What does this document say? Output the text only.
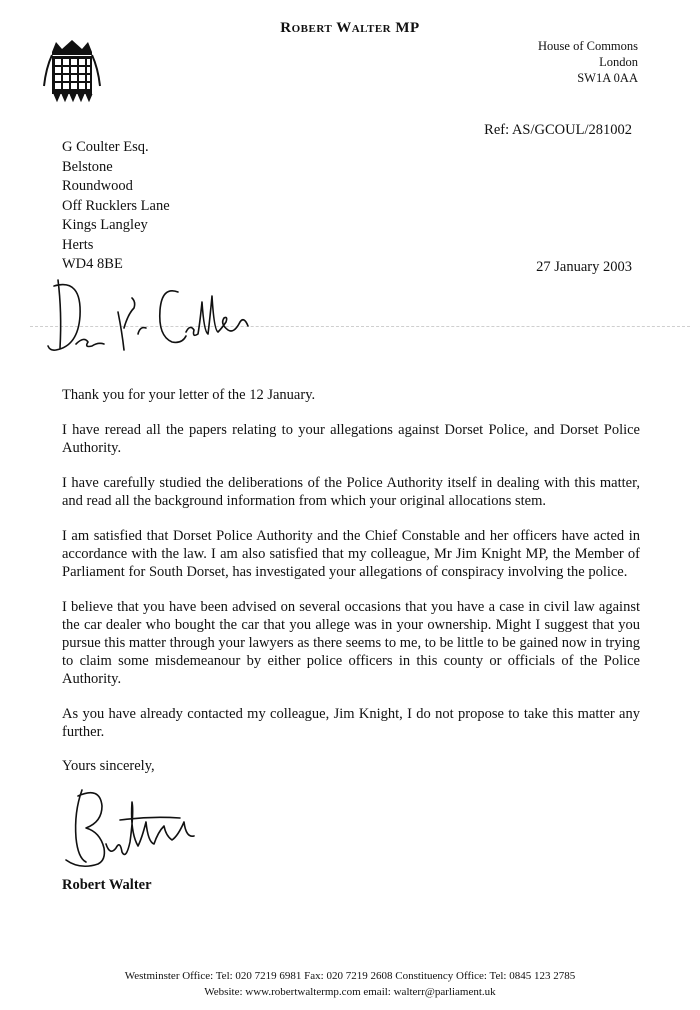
Robert Walter MP
House of Commons
London
SW1A 0AA
Ref: AS/GCOUL/281002
G Coulter Esq.
Belstone
Roundwood
Off Rucklers Lane
Kings Langley
Herts
WD4 8BE	27 January 2003

Thank you for your letter of the 12 January.

I have reread all the papers relating to your allegations against Dorset Police, and Dorset Police Authority.

I have carefully studied the deliberations of the Police Authority itself in dealing with this matter, and read all the background information from which your original allocations stem.

I am satisfied that Dorset Police Authority and the Chief Constable and her officers have acted in accordance with the law. I am also satisfied that my colleague, Mr Jim Knight MP, the Member of Parliament for South Dorset, has investigated your allegations of conspiracy involving the police.

I believe that you have been advised on several occasions that you have a case in civil law against the car dealer who bought the car that you allege was in your ownership. Might I suggest that you pursue this matter through your lawyers as there seems to me, to be little to be gained now in trying to claim some misdemeanour by either police officers in this county or officials of the Police Authority.

As you have already contacted my colleague, Jim Knight, I do not propose to take this matter any further.

Yours sincerely,
Robert Walter
Westminster Office: Tel: 020 7219 6981 Fax: 020 7219 2608 Constituency Office: Tel: 0845 123 2785
Website: www.robertwaltermp.com email: walterr@parliament.uk
